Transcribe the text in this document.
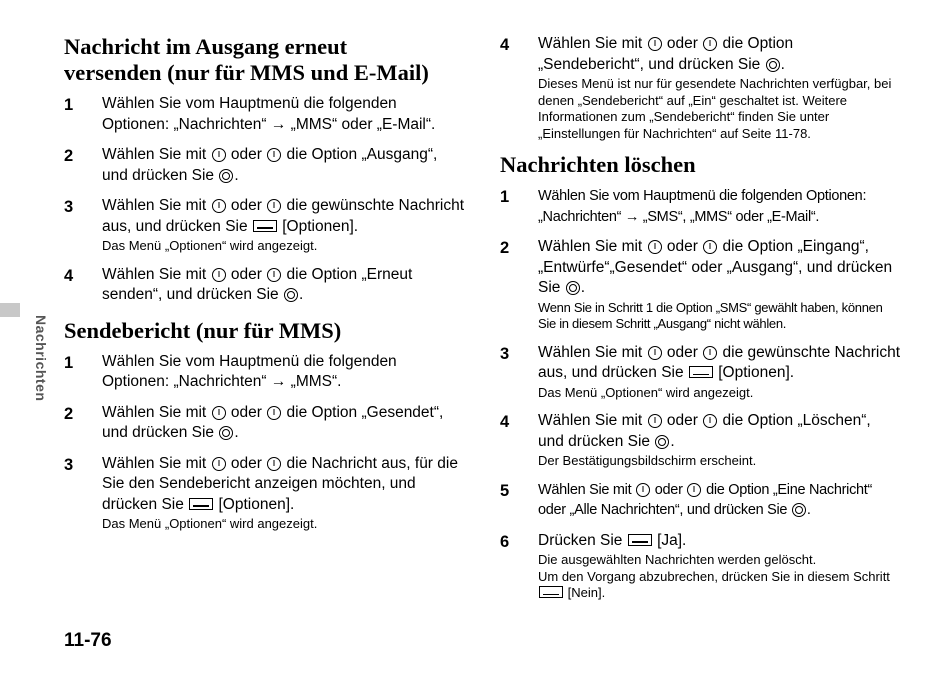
Nachrichten
Nachricht im Ausgang erneut
versenden (nur für MMS und E-Mail)
1 Wählen Sie vom Hauptmenü die folgenden Optionen: „Nachrichten“ → „MMS“ oder „E-Mail“.
2 Wählen Sie mit oder die Option „Ausgang“, und drücken Sie .
3 Wählen Sie mit oder die gewünschte Nachricht aus, und drücken Sie [Optionen].
Das Menü „Optionen“ wird angezeigt.
4 Wählen Sie mit oder die Option „Erneut senden“, und drücken Sie .
Sendebericht (nur für MMS)
1 Wählen Sie vom Hauptmenü die folgenden Optionen: „Nachrichten“ → „MMS“.
2 Wählen Sie mit oder die Option „Gesendet“, und drücken Sie .
3 Wählen Sie mit oder die Nachricht aus, für die Sie den Sendebericht anzeigen möchten, und drücken Sie [Optionen].
Das Menü „Optionen“ wird angezeigt.
4 Wählen Sie mit oder die Option „Sendebericht“, und drücken Sie .
Dieses Menü ist nur für gesendete Nachrichten verfügbar, bei denen „Sendebericht“ auf „Ein“ geschaltet ist. Weitere Informationen zum „Sendebericht“ finden Sie unter „Einstellungen für Nachrichten“ auf Seite 11-78.
Nachrichten löschen
1 Wählen Sie vom Hauptmenü die folgenden Optionen: „Nachrichten“ → „SMS“, „MMS“ oder „E-Mail“.
2 Wählen Sie mit oder die Option „Eingang“, „Entwürfe“„Gesendet“ oder „Ausgang“, und drücken Sie .
Wenn Sie in Schritt 1 die Option „SMS“ gewählt haben, können Sie in diesem Schritt „Ausgang“ nicht wählen.
3 Wählen Sie mit oder die gewünschte Nachricht aus, und drücken Sie [Optionen].
Das Menü „Optionen“ wird angezeigt.
4 Wählen Sie mit oder die Option „Löschen“, und drücken Sie .
Der Bestätigungsbildschirm erscheint.
5 Wählen Sie mit oder die Option „Eine Nachricht“ oder „Alle Nachrichten“, und drücken Sie .
6 Drücken Sie [Ja].
Die ausgewählten Nachrichten werden gelöscht.
Um den Vorgang abzubrechen, drücken Sie in diesem Schritt  [Nein].
11-76
